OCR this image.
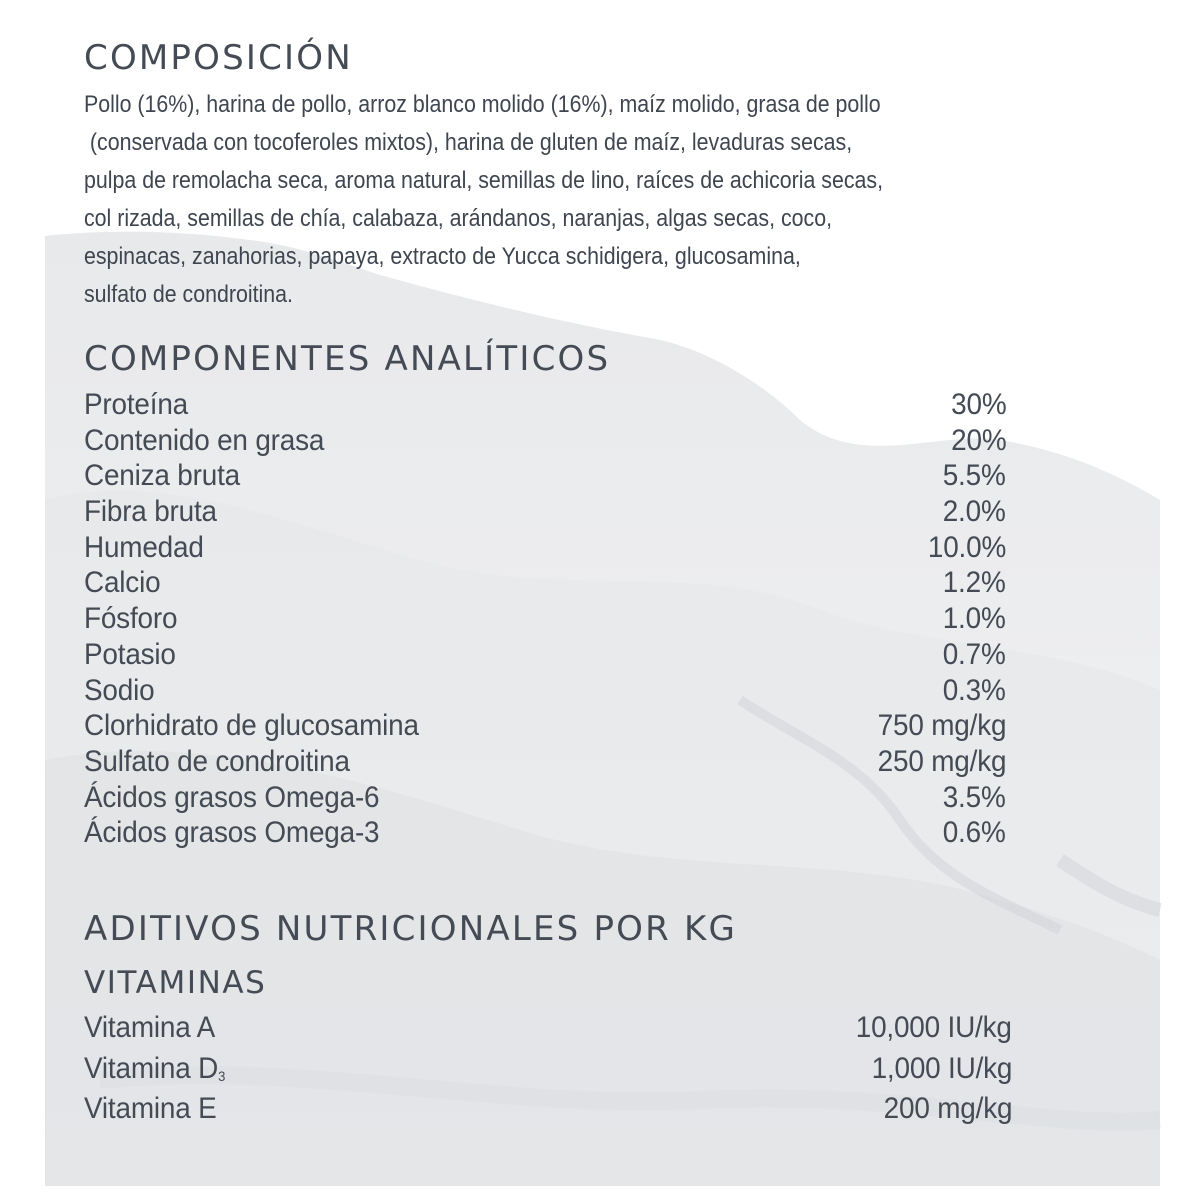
COMPOSICIÓN
Pollo (16%), harina de pollo, arroz blanco molido (16%), maíz molido, grasa de pollo
(conservada con tocoferoles mixtos), harina de gluten de maíz, levaduras secas,
pulpa de remolacha seca, aroma natural, semillas de lino, raíces de achicoria secas,
col rizada, semillas de chía, calabaza, arándanos, naranjas, algas secas, coco,
espinacas, zanahorias, papaya, extracto de Yucca schidigera, glucosamina,
sulfato de condroitina.
COMPONENTES ANALÍTICOS
Proteína	30%
Contenido en grasa	20%
Ceniza bruta	5.5%
Fibra bruta	2.0%
Humedad	10.0%
Calcio	1.2%
Fósforo	1.0%
Potasio	0.7%
Sodio	0.3%
Clorhidrato de glucosamina	750 mg/kg
Sulfato de condroitina	250 mg/kg
Ácidos grasos Omega-6	3.5%
Ácidos grasos Omega-3	0.6%
ADITIVOS NUTRICIONALES POR KG
VITAMINAS
Vitamina A	10,000 IU/kg
Vitamina $D_3$	1,000 IU/kg
Vitamina E	200 mg/kg
